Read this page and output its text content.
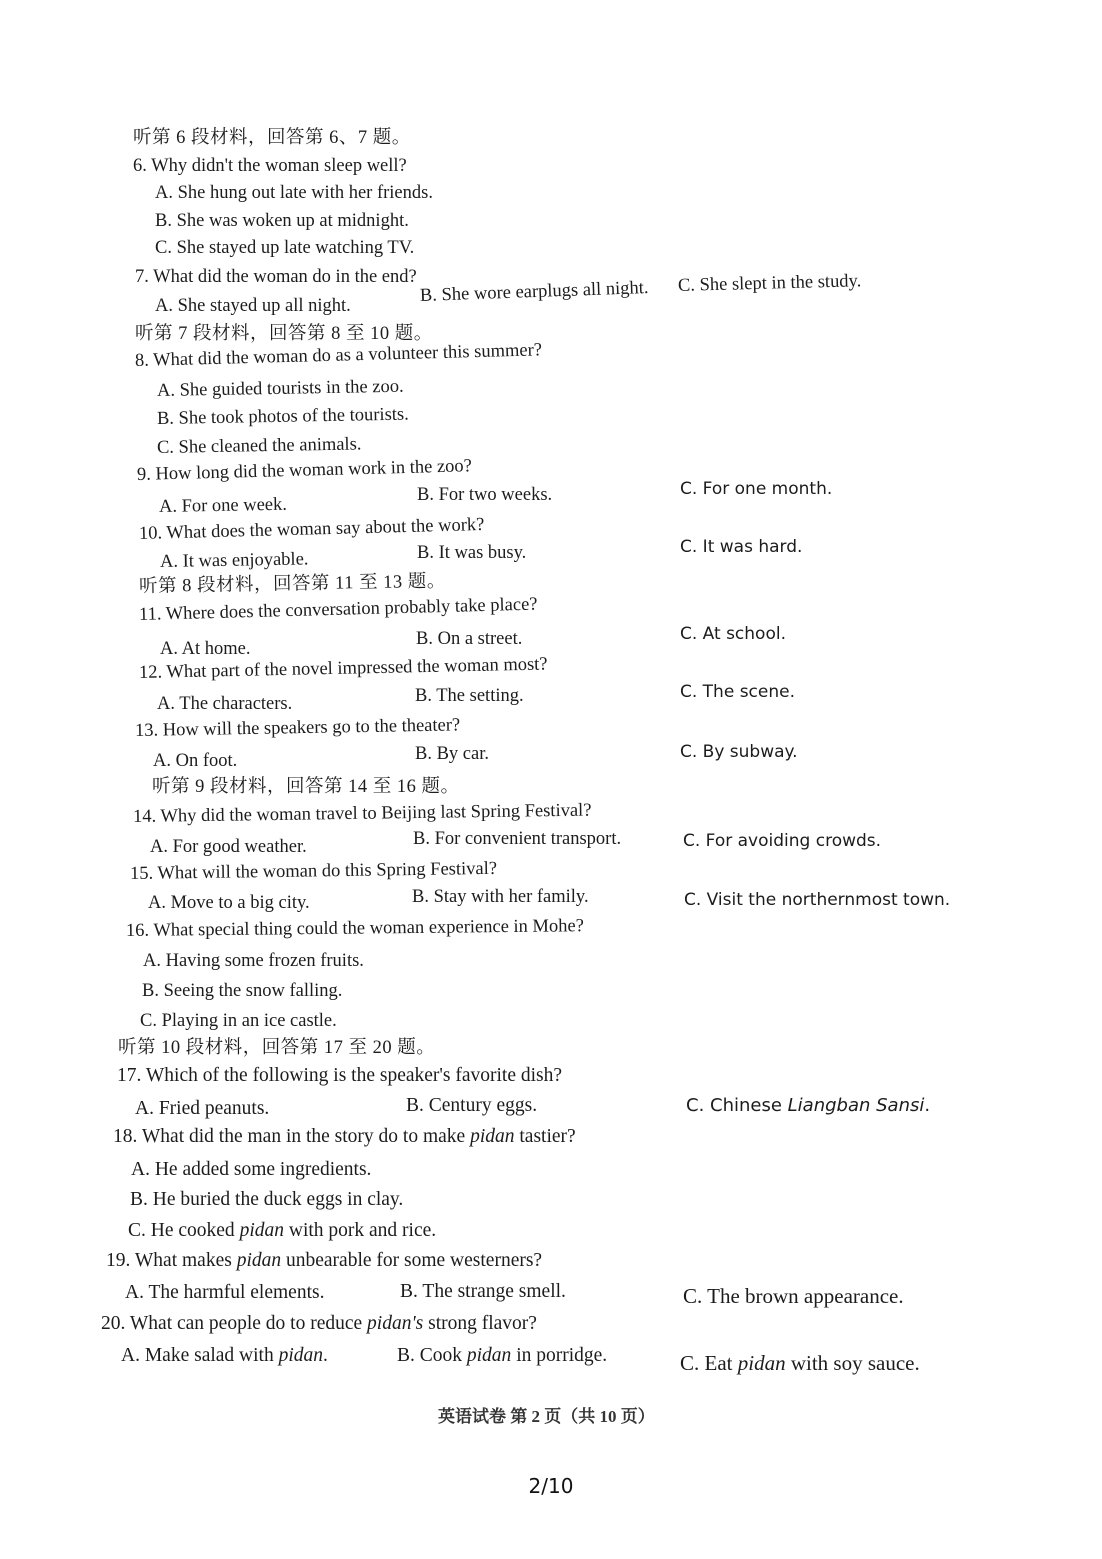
听第 6 段材料，回答第 6、7 题。
6. Why didn't the woman sleep well?
A. She hung out late with her friends.
B. She was woken up at midnight.
C. She stayed up late watching TV.
7. What did the woman do in the end?
A. She stayed up all night.
B. She wore earplugs all night. C. She slept in the study.
听第 7 段材料，回答第 8 至 10 题。
8. What did the woman do as a volunteer this summer?
A. She guided tourists in the zoo.
B. She took photos of the tourists.
C. She cleaned the animals.
9. How long did the woman work in the zoo?
A. For one week.	B. For two weeks.	C. For one month.
10. What does the woman say about the work?
A. It was enjoyable.	B. It was busy.	C. It was hard.
听第 8 段材料，回答第 11 至 13 题。
11. Where does the conversation probably take place?
A. At home.	B. On a street.	C. At school.
12. What part of the novel impressed the woman most?
A. The characters.	B. The setting.	C. The scene.
13. How will the speakers go to the theater?
A. On foot.	B. By car.	C. By subway.
听第 9 段材料，回答第 14 至 16 题。
14. Why did the woman travel to Beijing last Spring Festival?
A. For good weather.	B. For convenient transport.	C. For avoiding crowds.
15. What will the woman do this Spring Festival?
A. Move to a big city.	B. Stay with her family.	C. Visit the northernmost town.
16. What special thing could the woman experience in Mohe?
A. Having some frozen fruits.
B. Seeing the snow falling.
C. Playing in an ice castle.
听第 10 段材料，回答第 17 至 20 题。
17. Which of the following is the speaker's favorite dish?
A. Fried peanuts.	B. Century eggs.	C. Chinese Liangban Sansi.
18. What did the man in the story do to make pidan tastier?
A. He added some ingredients.
B. He buried the duck eggs in clay.
C. He cooked pidan with pork and rice.
19. What makes pidan unbearable for some westerners?
A. The harmful elements.	B. The strange smell.	C. The brown appearance.
20. What can people do to reduce pidan's strong flavor?
A. Make salad with pidan.	B. Cook pidan in porridge.	C. Eat pidan with soy sauce.
英语试卷 第 2 页（共 10 页）
2/10
